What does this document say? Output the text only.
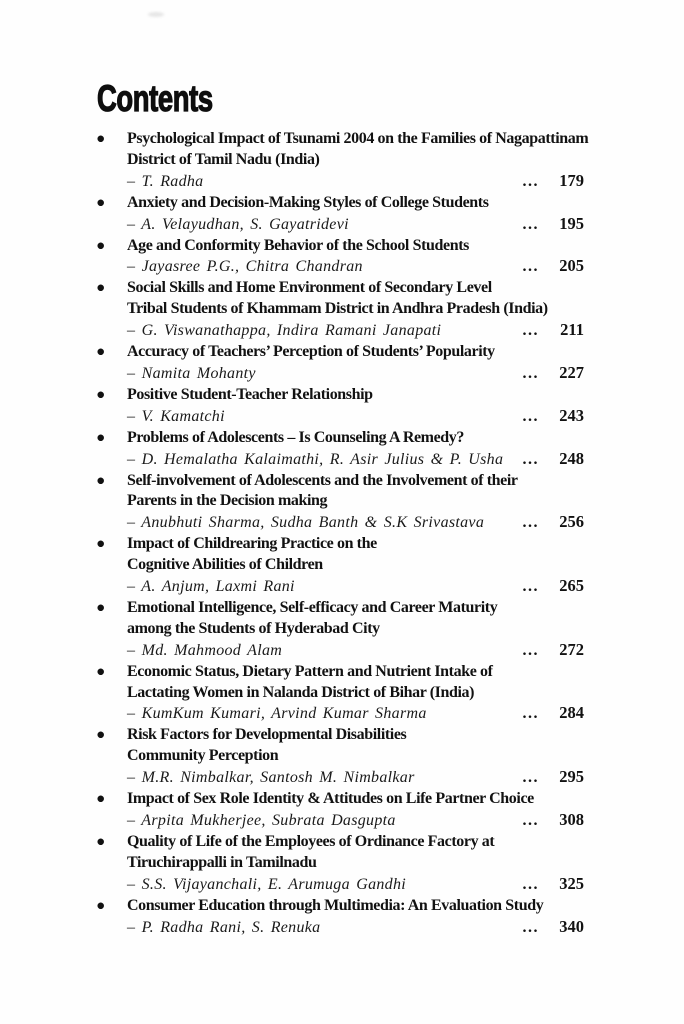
Contents
●	Psychological Impact of Tsunami 2004 on the Families of Nagapattinam
District of Tamil Nadu (India)
– T. Radha	...	179
●	Anxiety and Decision-Making Styles of College Students
– A. Velayudhan, S. Gayatridevi	...	195
●	Age and Conformity Behavior of the School Students
– Jayasree P.G., Chitra Chandran	...	205
●	Social Skills and Home Environment of Secondary Level
Tribal Students of Khammam District in Andhra Pradesh (India)
– G. Viswanathappa, Indira Ramani Janapati	...	211
●	Accuracy of Teachers’ Perception of Students’ Popularity
– Namita Mohanty	...	227
●	Positive Student-Teacher Relationship
– V. Kamatchi	...	243
●	Problems of Adolescents – Is Counseling A Remedy?
– D. Hemalatha Kalaimathi, R. Asir Julius & P. Usha ...	248
●	Self-involvement of Adolescents and the Involvement of their
Parents in the Decision making
– Anubhuti Sharma, Sudha Banth & S.K Srivastava ...	256
●	Impact of Childrearing Practice on the
Cognitive Abilities of Children
– A. Anjum, Laxmi Rani	...	265
●	Emotional Intelligence, Self-efficacy and Career Maturity
among the Students of Hyderabad City
– Md. Mahmood Alam	...	272
●	Economic Status, Dietary Pattern and Nutrient Intake of
Lactating Women in Nalanda District of Bihar (India)
– KumKum Kumari, Arvind Kumar Sharma	...	284
●	Risk Factors for Developmental Disabilities
Community Perception
– M.R. Nimbalkar, Santosh M. Nimbalkar	...	295
●	Impact of Sex Role Identity & Attitudes on Life Partner Choice
– Arpita Mukherjee, Subrata Dasgupta	...	308
●	Quality of Life of the Employees of Ordinance Factory at
Tiruchirappalli in Tamilnadu
– S.S. Vijayanchali, E. Arumuga Gandhi	...	325
●	Consumer Education through Multimedia: An Evaluation Study
– P. Radha Rani, S. Renuka	...	340
